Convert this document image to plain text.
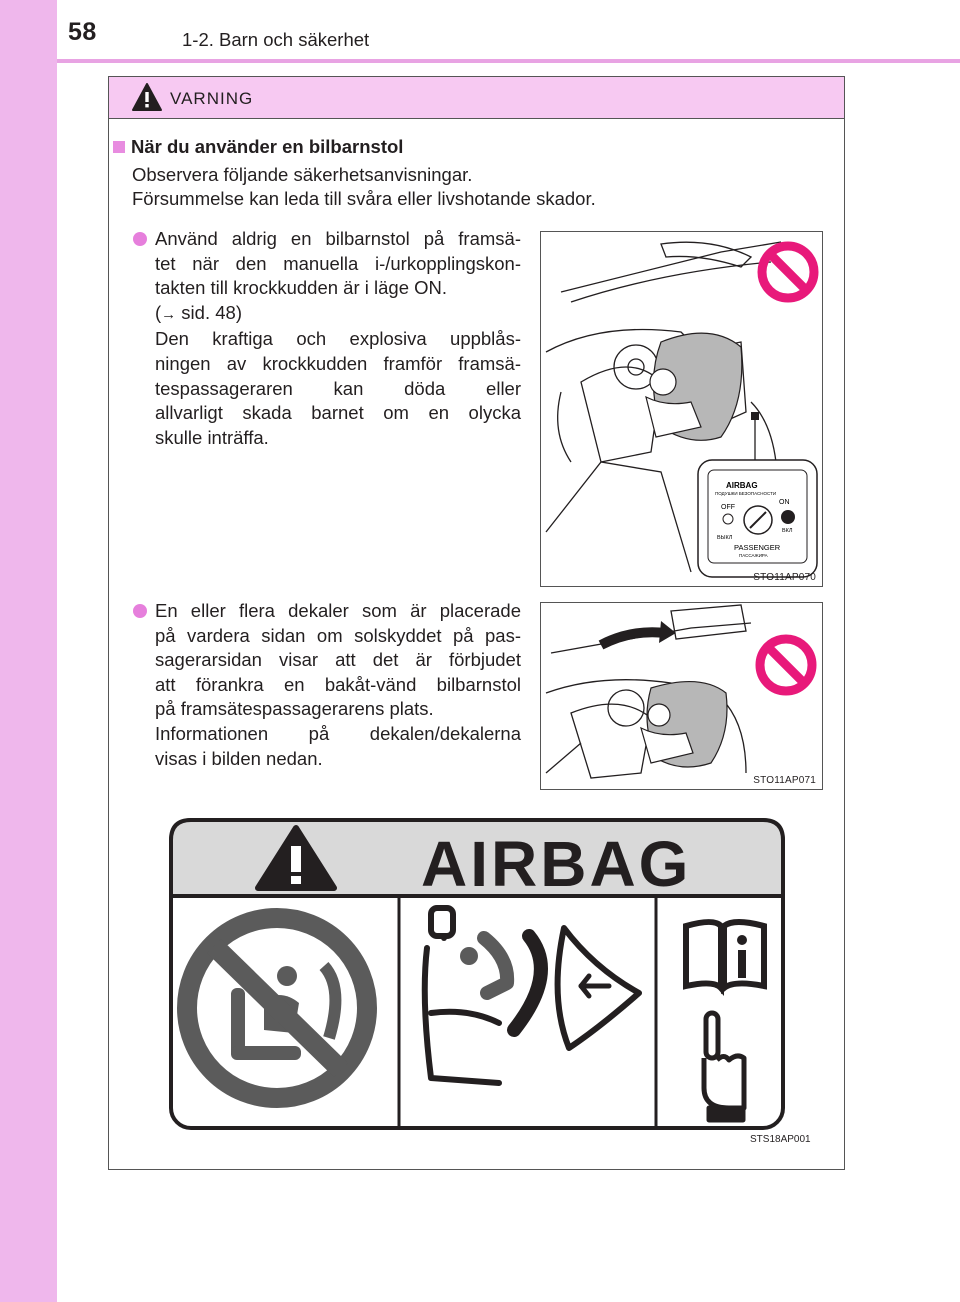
58	1-2. Barn och säkerhet
VARNING
När du använder en bilbarnstol
Observera följande säkerhetsanvisningar.
Försummelse kan leda till svåra eller livshotande skador.
Använd aldrig en bilbarnstol på framsä-
tet när den manuella i-/urkopplingskon-
takten till krockkudden är i läge ON.
(→ sid. 48)
Den kraftiga och explosiva uppblås-
ningen av krockkudden framför framsä-
tespassageraren kan döda eller
allvarligt skada barnet om en olycka
skulle inträffa.
En eller flera dekaler som är placerade
på vardera sidan om solskyddet på pas-
sagerarsidan visar att det är förbjudet
att förankra en bakåt-vänd bilbarnstol
på framsätespassagerarens plats.
Informationen på dekalen/dekalerna
visas i bilden nedan.
AIRBAG
ПОДУШКИ БЕЗОПАСНОСТИ
OFF
ON
ВЫКЛ
ВКЛ
PASSENGER
ПАССАЖИРА
STO11AP070
STO11AP071
AIRBAG
STS18AP001
